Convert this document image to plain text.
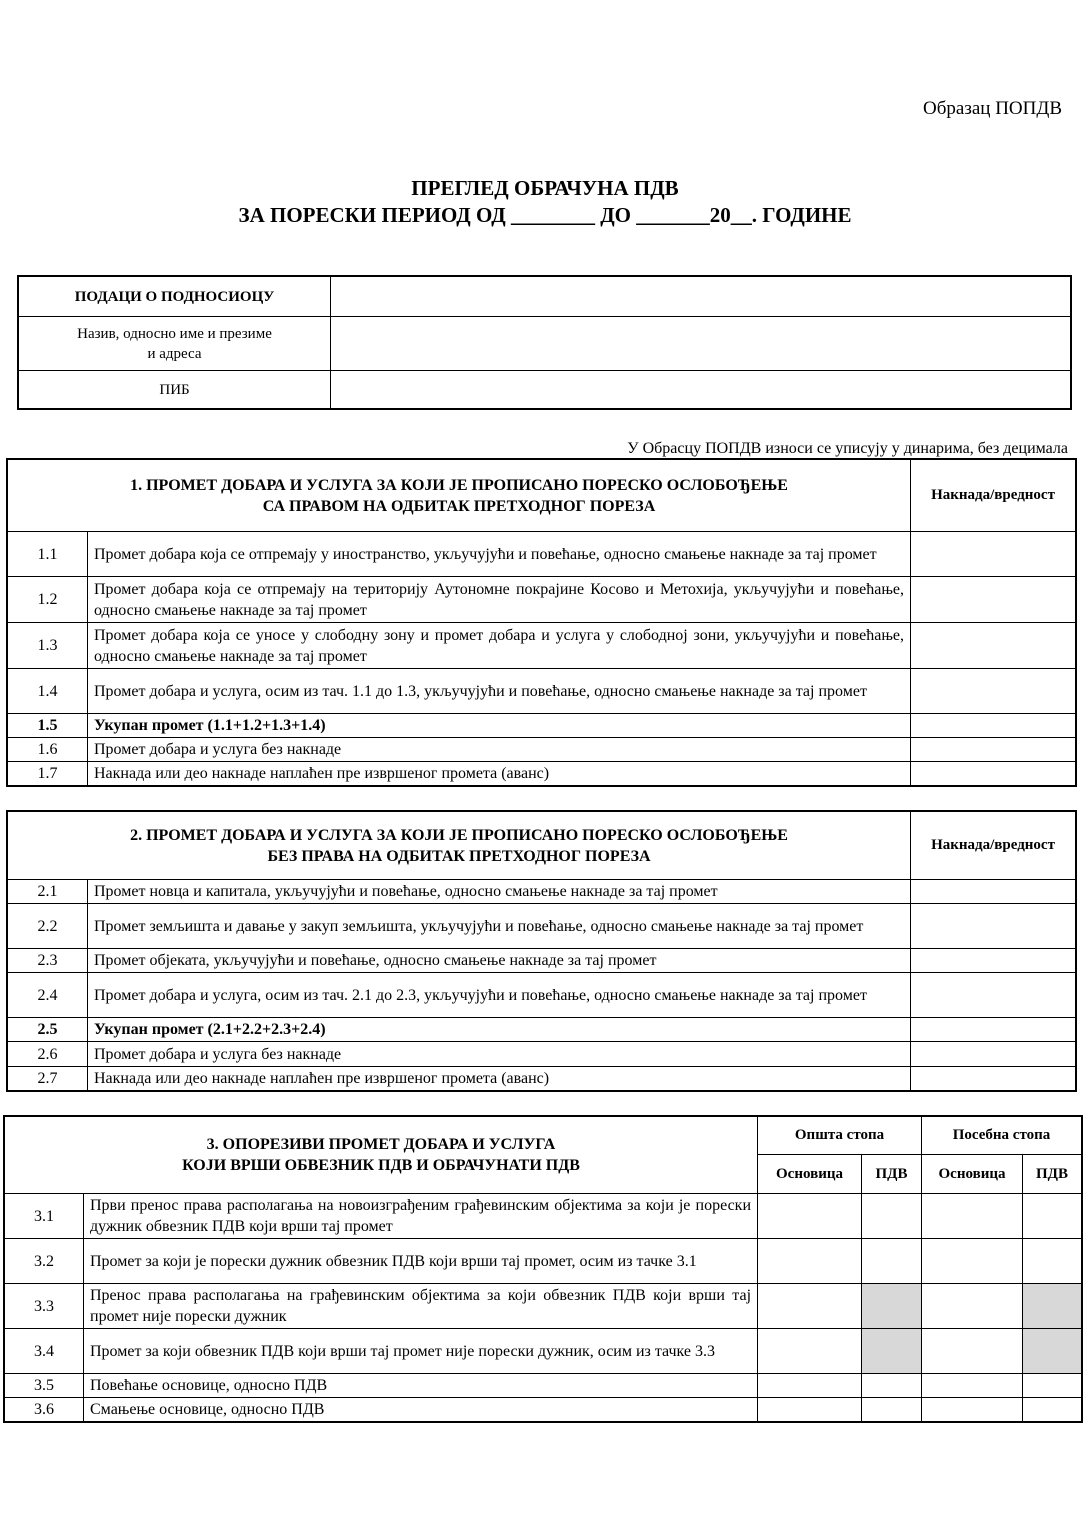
Образац ПОПДВ
ПРЕГЛЕД ОБРАЧУНА ПДВ
ЗА ПОРЕСКИ ПЕРИОД ОД ________ ДО _______20__. ГОДИНЕ
ПОДАЦИ О ПОДНОСИОЦУ	

Назив, односно име и презиме
и адреса	

ПИБ	
У Обрасцу ПОПДВ износи се уписују у динарима, без децимала
1. ПРОМЕТ ДОБАРА И УСЛУГА ЗА КОЈИ ЈЕ ПРОПИСАНО ПОРЕСКО ОСЛОБОЂЕЊЕ
СА ПРАВОМ НА ОДБИТАК ПРЕТХОДНОГ ПОРЕЗА		Накнада/вредност
1.1	Промет добара која се отпремају у иностранство, укључујући и повећање, односно смањење накнаде за тај промет	
1.2	Промет добара која се отпремају на територију Аутономне покрајине Косово и Метохија, укључујући и повећање, односно смањење накнаде за тај промет	
1.3	Промет добара која се уносе у слободну зону и промет добара и услуга у слободној зони, укључујући и повећање, односно смањење накнаде за тај промет	
1.4	Промет добара и услуга, осим из тач. 1.1 до 1.3, укључујући и повећање, односно смањење накнаде за тај промет	
1.5	Укупан промет (1.1+1.2+1.3+1.4)	
1.6	Промет добара и услуга без накнаде	
1.7	Накнада или део накнаде наплаћен пре извршеног промета (аванс)	
2. ПРОМЕТ ДОБАРА И УСЛУГА ЗА КОЈИ ЈЕ ПРОПИСАНО ПОРЕСКО ОСЛОБОЂЕЊЕ
БЕЗ ПРАВА НА ОДБИТАК ПРЕТХОДНОГ ПОРЕЗА		Накнада/вредност
2.1	Промет новца и капитала, укључујући и повећање, односно смањење накнаде за тај промет	
2.2	Промет земљишта и давање у закуп земљишта, укључујући и повећање, односно смањење накнаде за тај промет	
2.3	Промет објеката, укључујући и повећање, односно смањење накнаде за тај промет	
2.4	Промет добара и услуга, осим из тач. 2.1 до 2.3, укључујући и повећање, односно смањење накнаде за тај промет	
2.5	Укупан промет (2.1+2.2+2.3+2.4)	
2.6	Промет добара и услуга без накнаде	
2.7	Накнада или део накнаде наплаћен пре извршеног промета (аванс)	
3. ОПОРЕЗИВИ ПРОМЕТ ДОБАРА И УСЛУГА
КОЈИ ВРШИ ОБВЕЗНИК ПДВ И ОБРАЧУНАТИ ПДВ		Општа стопа		Посебна стопа	
		Основица	ПДВ	Основица	ПДВ
3.1	Први пренос права располагања на новоизграђеним грађевинским објектима за који је порески дужник обвезник ПДВ који врши тај промет				
3.2	Промет за који је порески дужник обвезник ПДВ који врши тај промет, осим из тачке 3.1				
3.3	Пренос права располагања на грађевинским објектима за који обвезник ПДВ који врши тај промет није порески дужник				
3.4	Промет за који обвезник ПДВ који врши тај промет није порески дужник, осим из тачке 3.3				
3.5	Повећање основице, односно ПДВ				
3.6	Смањење основице, односно ПДВ				
